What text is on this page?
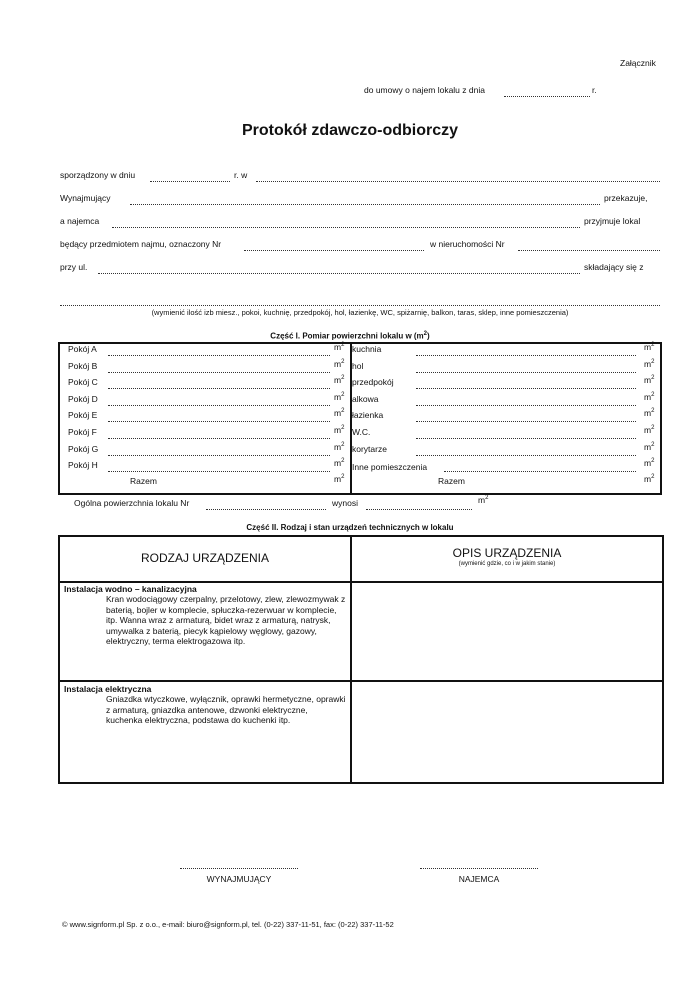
Załącznik
do umowy o najem lokalu z dnia	r.
Protokół zdawczo-odbiorczy
sporządzony w dniu	r. w
Wynajmujący	przekazuje,
a najemca	przyjmuje lokal
będący przedmiotem najmu, oznaczony Nr	w nieruchomości Nr
przy ul.	składający się z
(wymienić ilość izb miesz., pokoi, kuchnię, przedpokój, hol, łazienkę, WC, spiżarnię, balkon, taras, sklep, inne pomieszczenia)
Część I. Pomiar powierzchni lokalu w $(m^2)$
Pokój A	$m^2$
Pokój B	$m^2$
Pokój C	$m^2$
Pokój D	$m^2$
Pokój E	$m^2$
Pokój F	$m^2$
Pokój G	$m^2$
Pokój H	$m^2$
kuchnia	$m^2$
hol	$m^2$
przedpokój	$m^2$
alkowa	$m^2$
łazienka	$m^2$
W.C.	$m^2$
korytarze	$m^2$
Inne pomieszczenia	$m^2$
Razem	$m^2$	Razem	$m^2$
Ogólna powierzchnia lokalu Nr	wynosi	$m^2$
Część II. Rodzaj i stan urządzeń technicznych w lokalu
RODZAJ URZĄDZENIA	OPIS URZĄDZENIA
(wymienić gdzie, co i w jakim stanie)
Instalacja wodno – kanalizacyjna
Kran wodociągowy czerpalny, przelotowy, zlew, zlewozmywak z baterią, bojler w komplecie, spłuczka-rezerwuar w komplecie, itp. Wanna wraz z armaturą, bidet wraz z armaturą, natrysk, umywalka z baterią, piecyk kąpielowy węglowy, gazowy, elektryczny, terma elektrogazowa itp.
Instalacja elektryczna
Gniazdka wtyczkowe, wyłącznik, oprawki hermetyczne, oprawki z armaturą, gniazdka antenowe, dzwonki elektryczne, kuchenka elektryczna, podstawa do kuchenki itp.
WYNAJMUJĄCY	NAJEMCA
© www.signform.pl Sp. z o.o., e-mail: biuro@signform.pl, tel. (0-22) 337-11-51, fax: (0-22) 337-11-52
